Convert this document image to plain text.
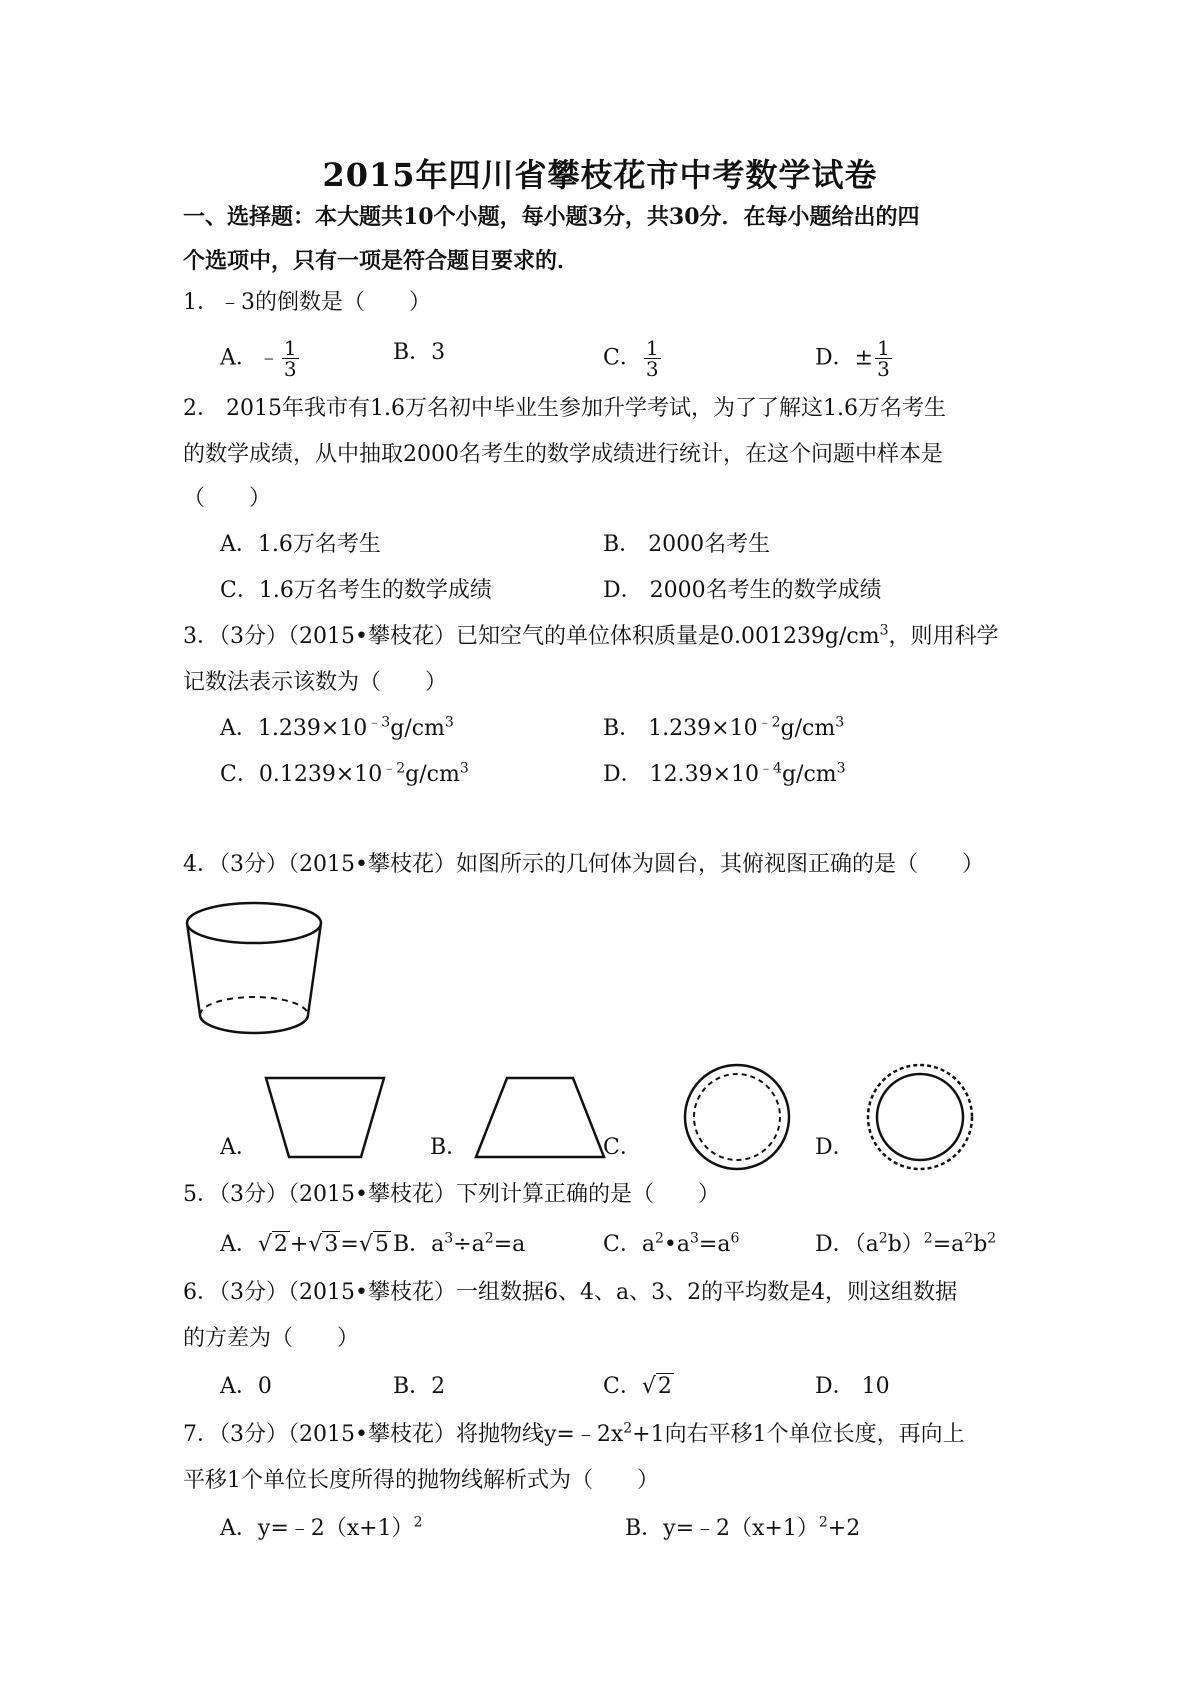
2015年四川省攀枝花市中考数学试卷
一、选择题：本大题共10个小题，每小题3分，共30分．在每小题给出的四
个选项中，只有一项是符合题目要求的．
1．﹣3的倒数是（　　）
A．﹣ $\frac{1}{3}$	B．3	C． $\frac{1}{3}$	D．± $\frac{1}{3}$
2． 2015年我市有1.6万名初中毕业生参加升学考试，为了了解这1.6万名考生
的数学成绩，从中抽取2000名考生的数学成绩进行统计，在这个问题中样本是
（　　）
A．1.6万名考生	B． 2000名考生
C．1.6万名考生的数学成绩	D． 2000名考生的数学成绩
3．（3分）（2015•攀枝花）已知空气的单位体积质量是$0.001239g/cm^3$，则用科学
记数法表示该数为（　　）
A．$1.239\times 10^{﹣3}g/cm^3$	B． $1.239\times 10^{﹣2}g/cm^3$
C．$0.1239\times 10^{﹣2}g/cm^3$	D． $12.39\times 10^{﹣4}g/cm^3$
4．（3分）（2015•攀枝花）如图所示的几何体为圆台，其俯视图正确的是（　　）
A．	B．	C．	D．
5．（3分）（2015•攀枝花）下列计算正确的是（　　）
A．√2+√3=√5 B．$a^3\div a^2=a$	C．$a^2•a^3=a^6$	D．$(a^2b)^2=a^2b^2$
6．（3分）（2015•攀枝花）一组数据6、4、a、3、2的平均数是4，则这组数据
的方差为（　　）
A．0	B．2	C．√2	D． 10
7．（3分）（2015•攀枝花）将抛物线$y=﹣2x^2+1$向右平移1个单位长度，再向上
平移1个单位长度所得的抛物线解析式为（　　）
A．$y=﹣2(x+1)^2$	B．$y=﹣2(x+1)^2+2$
